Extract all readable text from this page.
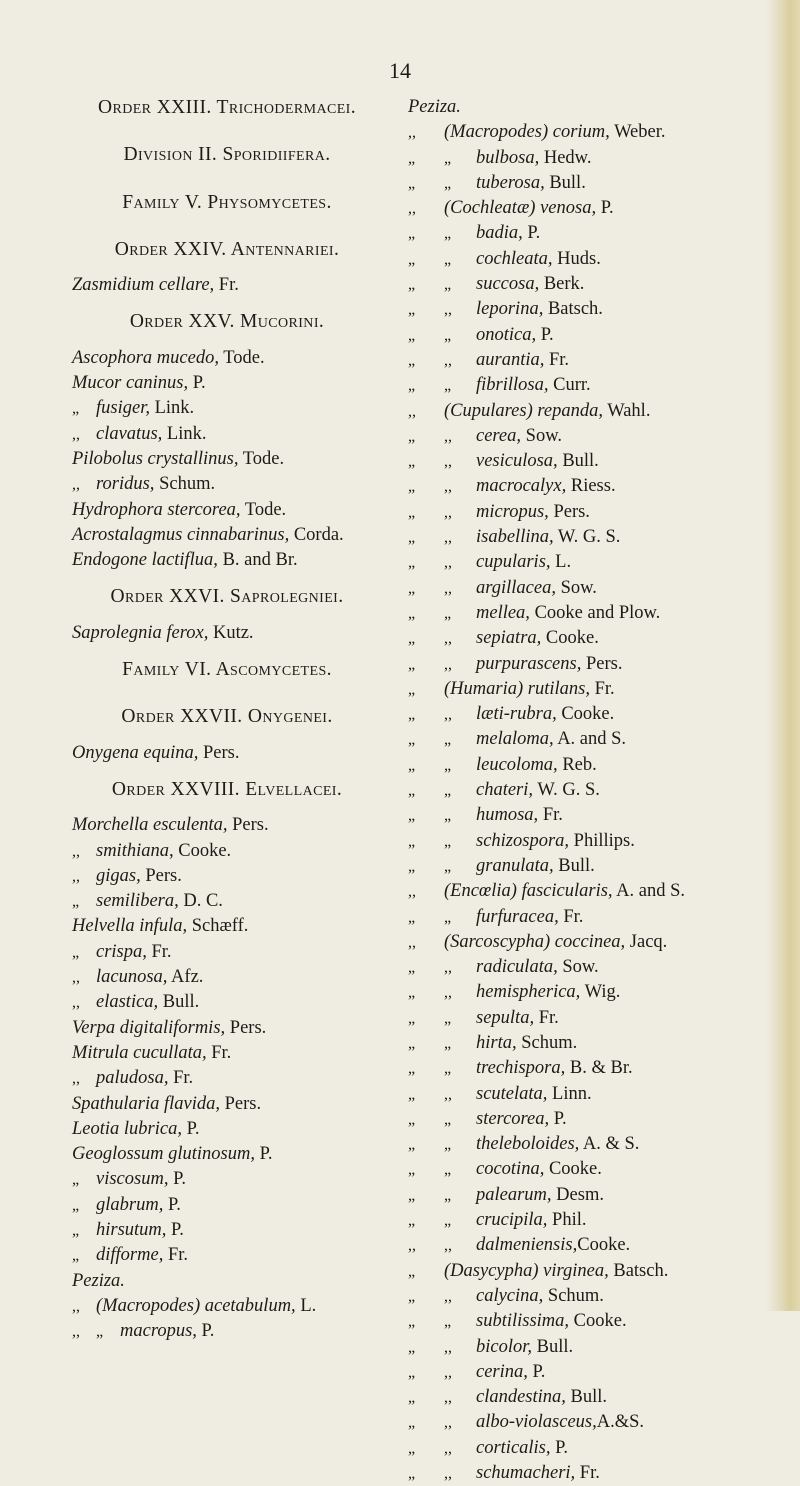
14
Order XXIII. Trichodermacei.
Division II. Sporidiifera.
Family V. Physomycetes.
Order XXIV. Antennariei.
Zasmidium cellare, Fr.
Order XXV. Mucorini.
Ascophora mucedo, Tode.
Mucor caninus, P.
„ fusiger, Link.
,, clavatus, Link.
Pilobolus crystallinus, Tode.
,, roridus, Schum.
Hydrophora stercorea, Tode.
Acrostalagmus cinnabarinus, Corda.
Endogone lactiflua, B. and Br.
Order XXVI. Saprolegniei.
Saprolegnia ferox, Kutz.
Family VI. Ascomycetes.
Order XXVII. Onygenei.
Onygena equina, Pers.
Order XXVIII. Elvellacei.
Morchella esculenta, Pers.
,, smithiana, Cooke.
,, gigas, Pers.
„ semilibera, D. C.
Helvella infula, Schæff.
„ crispa, Fr.
,, lacunosa, Afz.
,, elastica, Bull.
Verpa digitaliformis, Pers.
Mitrula cucullata, Fr.
,, paludosa, Fr.
Spathularia flavida, Pers.
Leotia lubrica, P.
Geoglossum glutinosum, P.
„ viscosum, P.
„ glabrum, P.
„ hirsutum, P.
„ difforme, Fr.
Peziza.
,, (Macropodes) acetabulum, L.
,, „ macropus, P.
Peziza.
,, (Macropodes) corium, Weber.
„ „ bulbosa, Hedw.
„ „ tuberosa, Bull.
,, (Cochleatæ) venosa, P.
„ „ badia, P.
„ „ cochleata, Huds.
„ „ succosa, Berk.
„ ,, leporina, Batsch.
„ „ onotica, P.
„ ,, aurantia, Fr.
„ „ fibrillosa, Curr.
,, (Cupulares) repanda, Wahl.
„ ,, cerea, Sow.
„ ,, vesiculosa, Bull.
„ ,, macrocalyx, Riess.
„ ,, micropus, Pers.
„ ,, isabellina, W. G. S.
„ ,, cupularis, L.
„ ,, argillacea, Sow.
„ „ mellea, Cooke and Plow.
„ ,, sepiatra, Cooke.
„ ,, purpurascens, Pers.
„ (Humaria) rutilans, Fr.
„ ,, læti-rubra, Cooke.
„ „ melaloma, A. and S.
„ „ leucoloma, Reb.
„ „ chateri, W. G. S.
„ „ humosa, Fr.
„ „ schizospora, Phillips.
„ „ granulata, Bull.
,, (Encœlia) fascicularis, A. and S.
„ „ furfuracea, Fr.
,, (Sarcoscypha) coccinea, Jacq.
„ ,, radiculata, Sow.
„ ,, hemispherica, Wig.
„ „ sepulta, Fr.
„ „ hirta, Schum.
„ „ trechispora, B. & Br.
„ ,, scutelata, Linn.
„ „ stercorea, P.
„ „ theleboloides, A. & S.
„ „ cocotina, Cooke.
„ „ palearum, Desm.
„ „ crucipila, Phil.
,, ,, dalmeniensis,Cooke.
„ (Dasycypha) virginea, Batsch.
„ ,, calycina, Schum.
„ „ subtilissima, Cooke.
„ ,, bicolor, Bull.
„ ,, cerina, P.
„ ,, clandestina, Bull.
„ ,, albo-violasceus,A.&S.
„ ,, corticalis, P.
„ ,, schumacheri, Fr.
